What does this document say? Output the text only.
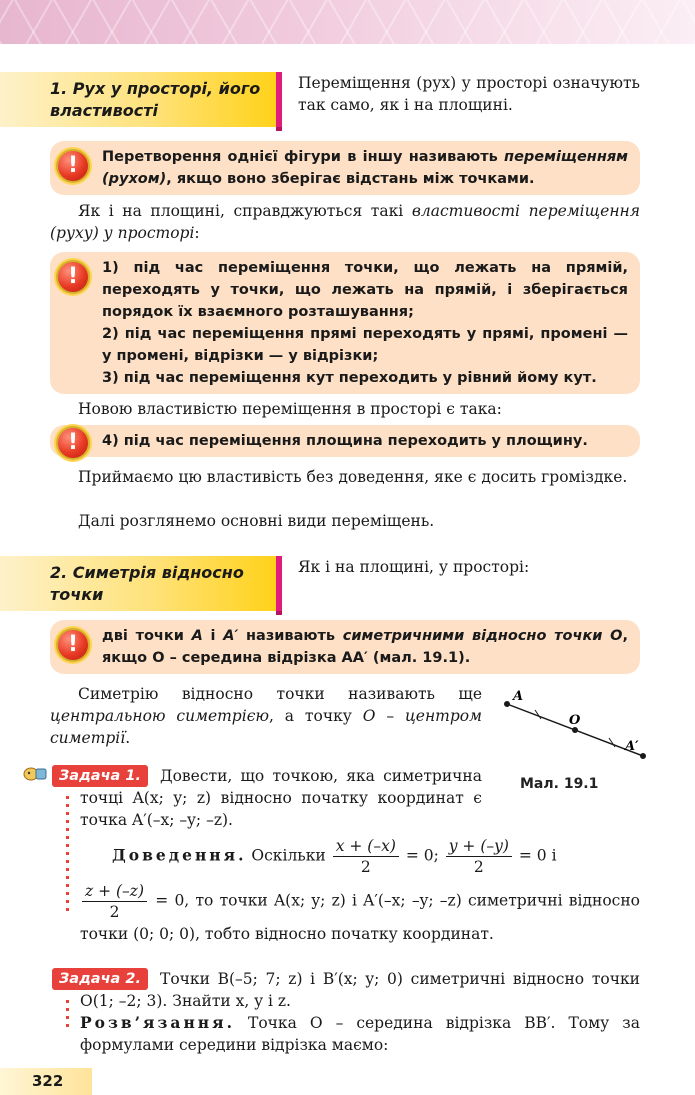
1. Рух у просторі, його властивості
Переміщення (рух) у просторі означують так само, як і на площині.
!	Перетворення однієї фігури в іншу називають переміщенням (рухом), якщо воно зберігає відстань між точками.
Як і на площині, справджуються такі властивості переміщення (руху) у просторі:
!	1) під час переміщення точки, що лежать на прямій, переходять у точки, що лежать на прямій, і зберігається порядок їх взаємного розташування;
2) під час переміщення прямі переходять у прямі, промені — у промені, відрізки — у відрізки;
3) під час переміщення кут переходить у рівний йому кут.
Новою властивістю переміщення в просторі є така:
!	4) під час переміщення площина переходить у площину.
Приймаємо цю властивість без доведення, яке є досить громіздке.
Далі розглянемо основні види переміщень.
2. Симетрія відносно точки
Як і на площині, у просторі:
!	дві точки A і A′ називають симетричними відносно точки O, якщо O – середина відрізка AA′ (мал. 19.1).
Симетрію відносно точки називають ще центральною симетрією, а точку O – центром симетрії.
A
O
A′
Мал. 19.1
Задача 1.	Довести, що точкою, яка симетрична точці A(x; y; z) відносно початку координат є точка A′(–x; –y; –z).
Доведення. Оскільки $\frac{x + (-x)}{2} = 0$; $\frac{y + (-y)}{2} = 0$ і
$\frac{z + (-z)}{2} = 0$, то точки A(x; y; z) і A′(–x; –y; –z) симетричні відносно точки (0; 0; 0), тобто відносно початку координат.
Задача 2.	Точки B(–5; 7; z) і B′(x; y; 0) симетричні відносно точки O(1; –2; 3). Знайти x, y і z.
Розв’язання. Точка O – середина відрізка BB′. Тому за формулами середини відрізка маємо:
322
